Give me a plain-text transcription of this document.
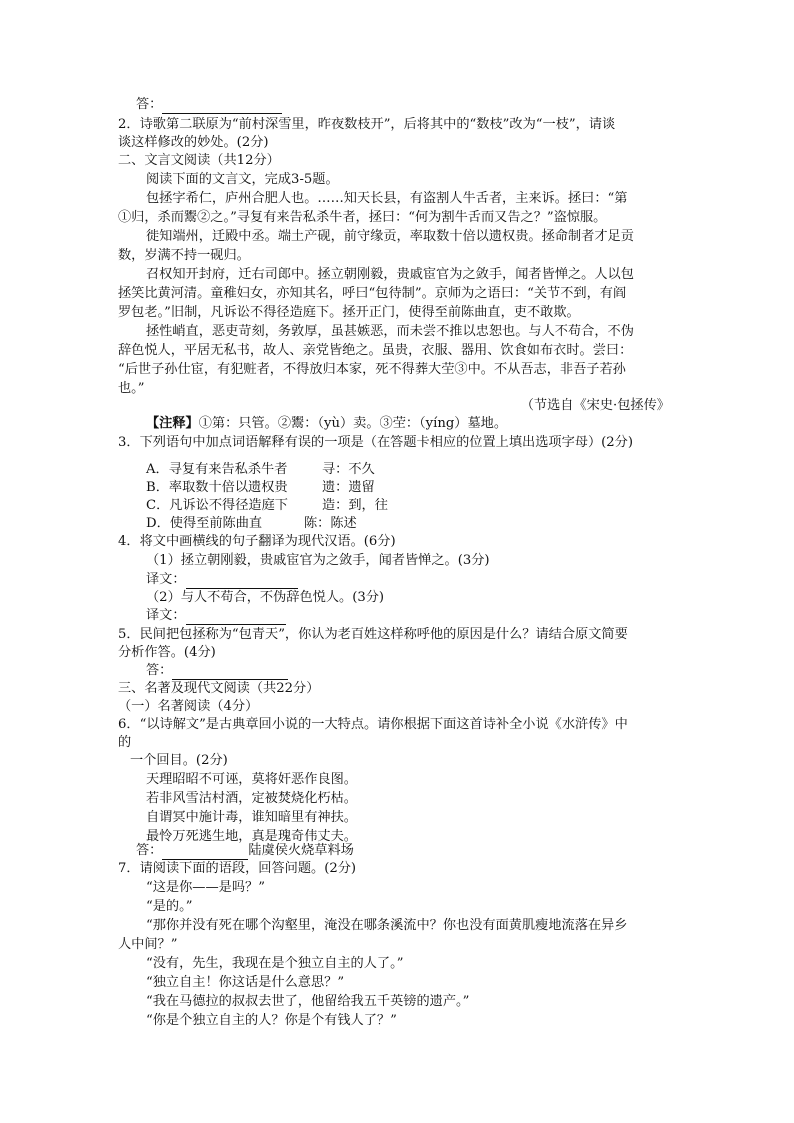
答：
2．诗歌第二联原为“前村深雪里，昨夜数枝开”，后将其中的“数枝”改为“一枝”，请谈
谈这样修改的妙处。(2分)
二、文言文阅读（共12分）
阅读下面的文言文，完成3-5题。
包拯字希仁，庐州合肥人也。……知天长县，有盗割人牛舌者，主来诉。拯曰：“第
①归，杀而鬻②之。”寻复有来告私杀牛者，拯曰：“何为割牛舌而又告之？”盗惊服。
徙知端州，迁殿中丞。端土产砚，前守缘贡，率取数十倍以遗权贵。拯命制者才足贡
数，岁满不持一砚归。
召权知开封府，迁右司郎中。拯立朝刚毅，贵戚宦官为之敛手，闻者皆惮之。人以包
拯笑比黄河清。童稚妇女，亦知其名，呼曰“包待制”。京师为之语曰：“关节不到，有阎
罗包老。”旧制，凡诉讼不得径造庭下。拯开正门，使得至前陈曲直，吏不敢欺。
拯性峭直，恶吏苛刻，务敦厚，虽甚嫉恶，而未尝不推以忠恕也。与人不苟合，不伪
辞色悦人，平居无私书，故人、亲党皆绝之。虽贵，衣服、器用、饮食如布衣时。尝曰：
“后世子孙仕宦，有犯赃者，不得放归本家，死不得葬大茔③中。不从吾志，非吾子若孙
也。”
（节选自《宋史·包拯传》
【注释】①第：只管。②鬻：（yù）卖。③茔：（yíng）墓地。
3．下列语句中加点词语解释有误的一项是（在答题卡相应的位置上填出选项字母）(2分)
A．寻复有来告私杀牛者	寻：不久
B．率取数十倍以遗权贵	遗：遗留
C．凡诉讼不得径造庭下	造：到，往
D．使得至前陈曲直	陈：陈述
4．将文中画横线的句子翻译为现代汉语。(6分)
（1）拯立朝刚毅，贵戚宦官为之敛手，闻者皆惮之。(3分)
译文：
（2）与人不苟合，不伪辞色悦人。(3分)
译文：
5．民间把包拯称为“包青天”，你认为老百姓这样称呼他的原因是什么？请结合原文简要
分析作答。(4分)
答：
三、名著及现代文阅读（共22分）
（一）名著阅读（4分）
6．“以诗解文”是古典章回小说的一大特点。请你根据下面这首诗补全小说《水浒传》中
的
一个回目。(2分)
天理昭昭不可诬，莫将奸恶作良图。
若非风雪沽村酒，定被焚烧化朽枯。
自谓冥中施计毒，谁知暗里有神扶。
最怜万死逃生地，真是瑰奇伟丈夫。
答：	陆虞侯火烧草料场
7．请阅读下面的语段，回答问题。(2分)
“这是你——是吗？”
“是的。”
“那你并没有死在哪个沟壑里，淹没在哪条溪流中？你也没有面黄肌瘦地流落在异乡
人中间？”
“没有，先生，我现在是个独立自主的人了。”
“独立自主！你这话是什么意思？”
“我在马德拉的叔叔去世了，他留给我五千英镑的遗产。”
“你是个独立自主的人？你是个有钱人了？”
